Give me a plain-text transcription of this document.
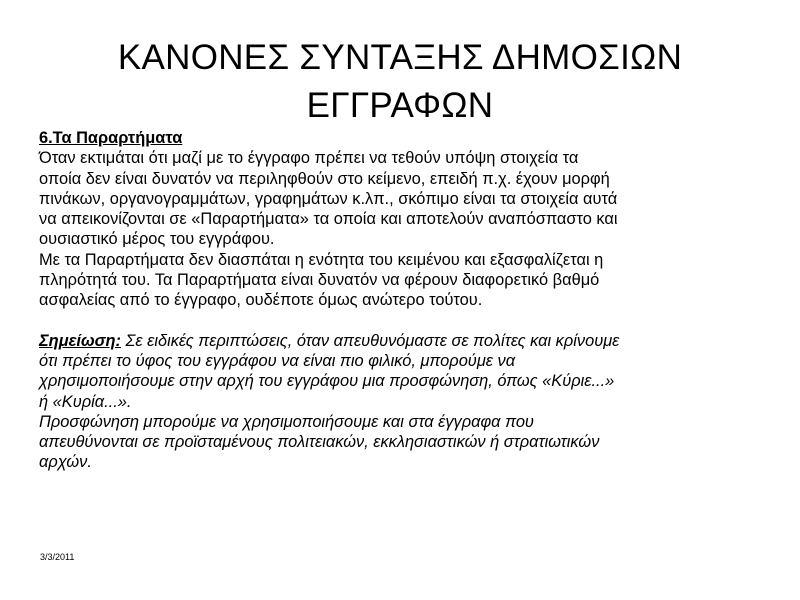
ΚΑΝΟΝΕΣ ΣΥΝΤΑΞΗΣ ΔΗΜΟΣΙΩΝ
ΕΓΓΡΑΦΩΝ
6.Τα Παραρτήματα
Όταν εκτιμάται ότι μαζί με το έγγραφο πρέπει να τεθούν υπόψη στοιχεία τα
οποία δεν είναι δυνατόν να περιληφθούν στο κείμενο, επειδή π.χ. έχουν μορφή
πινάκων, οργανογραμμάτων, γραφημάτων κ.λπ., σκόπιμο είναι τα στοιχεία αυτά
να απεικονίζονται σε «Παραρτήματα» τα οποία και αποτελούν αναπόσπαστο και
ουσιαστικό μέρος του εγγράφου.
Με τα Παραρτήματα δεν διασπάται η ενότητα του κειμένου και εξασφαλίζεται η
πληρότητά του. Τα Παραρτήματα είναι δυνατόν να φέρουν διαφορετικό βαθμό
ασφαλείας από το έγγραφο, ουδέποτε όμως ανώτερο τούτου.
Σημείωση: Σε ειδικές περιπτώσεις, όταν απευθυνόμαστε σε πολίτες και κρίνουμε
ότι πρέπει το ύφος του εγγράφου να είναι πιο φιλικό, μπορούμε να
χρησιμοποιήσουμε στην αρχή του εγγράφου μια προσφώνηση, όπως «Κύριε...»
ή «Κυρία...».
Προσφώνηση μπορούμε να χρησιμοποιήσουμε και στα έγγραφα που
απευθύνονται σε προϊσταμένους πολιτειακών, εκκλησιαστικών ή στρατιωτικών
αρχών.
3/3/2011
